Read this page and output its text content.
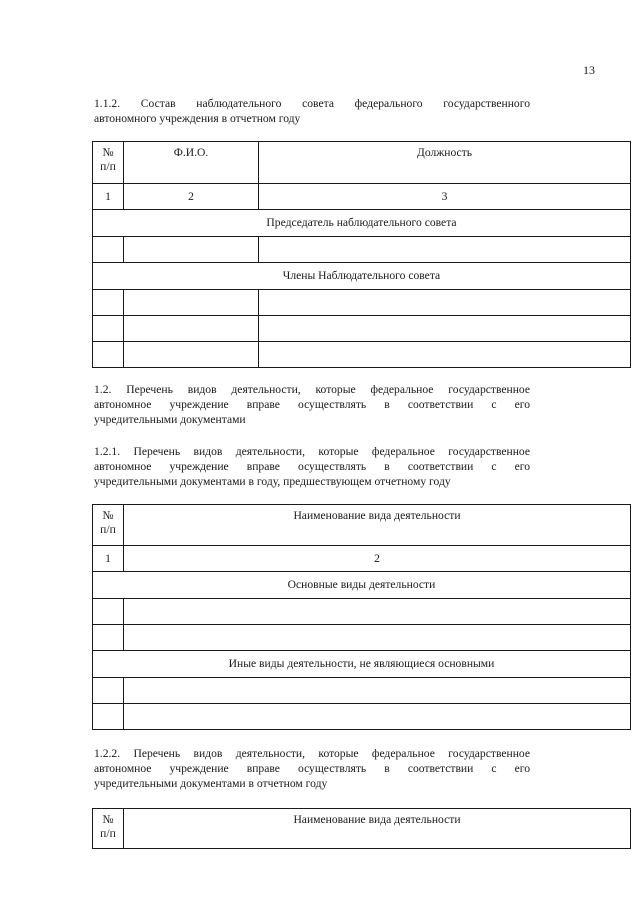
13

1.1.2. Состав наблюдательного совета федерального государственного
автономного учреждения в отчетном году

№
п/п	Ф.И.О.	Должность
1	2	3
Председатель наблюдательного совета		

Члены Наблюдательного совета		

1.2. Перечень видов деятельности, которые федеральное государственное
автономное учреждение вправе осуществлять в соответствии с его
учредительными документами

1.2.1. Перечень видов деятельности, которые федеральное государственное
автономное учреждение вправе осуществлять в соответствии с его
учредительными документами в году, предшествующем отчетному году

№
п/п	Наименование вида деятельности
1	2
Основные виды деятельности	

Иные виды деятельности, не являющиеся основными	

1.2.2. Перечень видов деятельности, которые федеральное государственное
автономное учреждение вправе осуществлять в соответствии с его
учредительными документами в отчетном году

№
п/п
	Наименование вида деятельности
